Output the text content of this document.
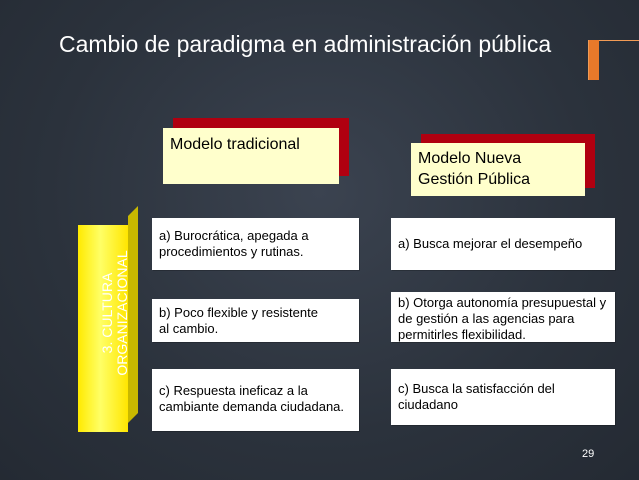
Cambio de paradigma en administración pública
Modelo tradicional
Modelo Nueva
Gestión Pública
3. CULTURA ORGANIZACIONAL
a) Burocrática, apegada a
procedimientos y rutinas.
b) Poco flexible y resistente
al cambio.
c) Respuesta ineficaz a la
cambiante demanda ciudadana.
a) Busca mejorar el desempeño
b) Otorga autonomía presupuestal y
de gestión a las agencias para
permitirles flexibilidad.
c) Busca la satisfacción del
ciudadano
29
